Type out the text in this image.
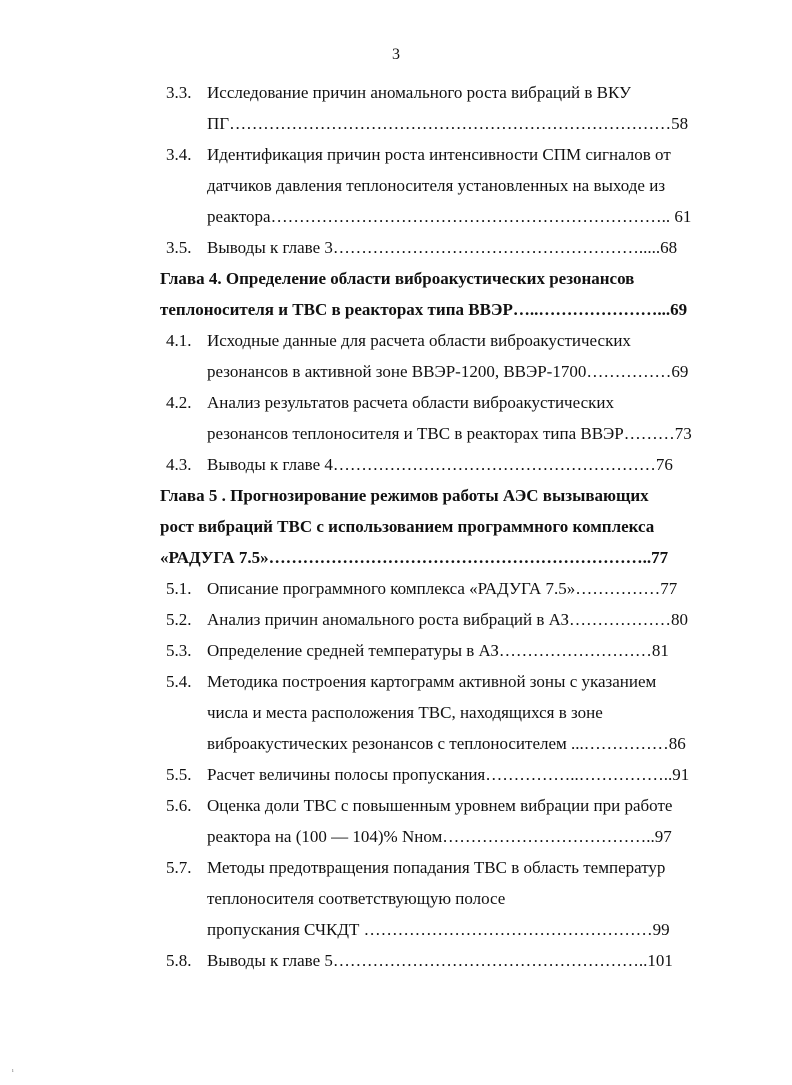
3
3.3. Исследование причин аномального роста вибраций в ВКУ
ПГ……………………………………………………………………58
3.4. Идентификация причин роста интенсивности СПМ сигналов от
датчиков давления теплоносителя установленных на выходе из
реактора…………………………………………………………….. 61
3.5. Выводы к главе 3……………………………………………….....68
Глава 4. Определение области виброакустических резонансов
теплоносителя и ТВС в реакторах типа ВВЭР…..…………………...69
4.1. Исходные данные для расчета области виброакустических
резонансов в активной зоне ВВЭР-1200, ВВЭР-1700……………69
4.2. Анализ результатов расчета области виброакустических
резонансов теплоносителя и ТВС в реакторах типа ВВЭР………73
4.3. Выводы к главе 4…………………………………………………76
Глава 5 . Прогнозирование режимов работы АЭС вызывающих
рост вибраций ТВС с использованием программного комплекса
«РАДУГА 7.5»…………………………………………………………..77
5.1. Описание программного комплекса «РАДУГА 7.5»……………77
5.2. Анализ причин аномального роста вибраций в АЗ………………80
5.3. Определение средней температуры в АЗ………………………81
5.4. Методика построения картограмм активной зоны с указанием
числа и места расположения ТВС, находящихся в зоне
виброакустических резонансов с теплоносителем ...……………86
5.5. Расчет величины полосы пропускания……………..……………..91
5.6. Оценка доли ТВС с повышенным уровнем вибрации при работе
реактора на (100 — 104)% Nном………………………………..97
5.7. Методы предотвращения попадания ТВС в область температур
теплоносителя соответствующую полосе
пропускания СЧКДТ ……………………………………………99
5.8. Выводы к главе 5………………………………………………..101
ı
